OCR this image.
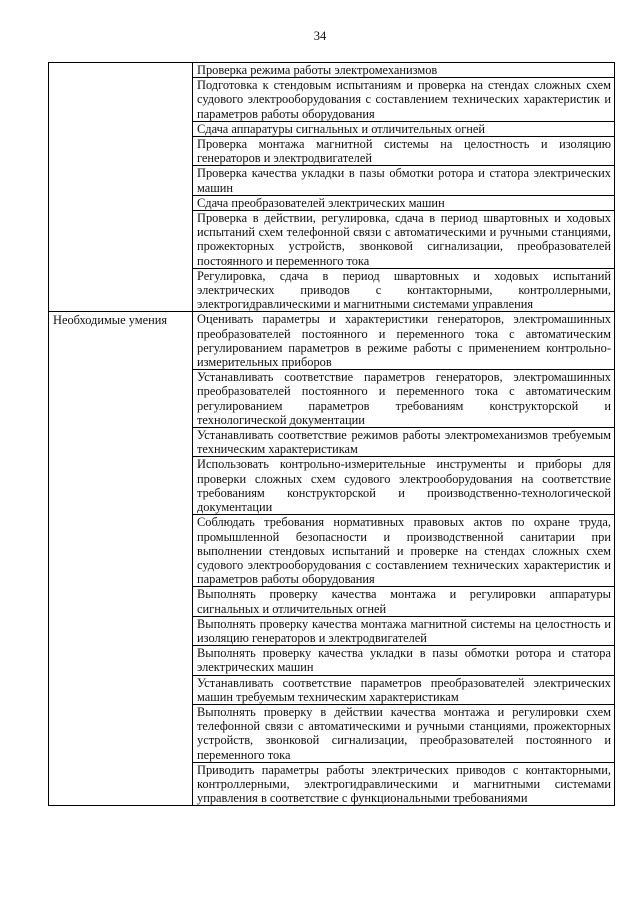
34
	Проверка режима работы электромеханизмов
	Подготовка к стендовым испытаниям и проверка на стендах сложных схем судового электрооборудования с составлением технических характеристик и параметров работы оборудования
	Сдача аппаратуры сигнальных и отличительных огней
	Проверка монтажа магнитной системы на целостность и изоляцию генераторов и электродвигателей
	Проверка качества укладки в пазы обмотки ротора и статора электрических машин
	Сдача преобразователей электрических машин
	Проверка в действии, регулировка, сдача в период швартовных и ходовых испытаний схем телефонной связи с автоматическими и ручными станциями, прожекторных устройств, звонковой сигнализации, преобразователей постоянного и переменного тока
	Регулировка, сдача в период швартовных и ходовых испытаний электрических приводов с контакторными, контроллерными, электрогидравлическими и магнитными системами управления
Необходимые умения	Оценивать параметры и характеристики генераторов, электромашинных преобразователей постоянного и переменного тока с автоматическим регулированием параметров в режиме работы с применением контрольно-измерительных приборов
	Устанавливать соответствие параметров генераторов, электромашинных преобразователей постоянного и переменного тока с автоматическим регулированием параметров требованиям конструкторской и технологической документации
	Устанавливать соответствие режимов работы электромеханизмов требуемым техническим характеристикам
	Использовать контрольно-измерительные инструменты и приборы для проверки сложных схем судового электрооборудования на соответствие требованиям конструкторской и производственно-технологической документации
	Соблюдать требования нормативных правовых актов по охране труда, промышленной безопасности и производственной санитарии при выполнении стендовых испытаний и проверке на стендах сложных схем судового электрооборудования с составлением технических характеристик и параметров работы оборудования
	Выполнять проверку качества монтажа и регулировки аппаратуры сигнальных и отличительных огней
	Выполнять проверку качества монтажа магнитной системы на целостность и изоляцию генераторов и электродвигателей
	Выполнять проверку качества укладки в пазы обмотки ротора и статора электрических машин
	Устанавливать соответствие параметров преобразователей электрических машин требуемым техническим характеристикам
	Выполнять проверку в действии качества монтажа и регулировки схем телефонной связи с автоматическими и ручными станциями, прожекторных устройств, звонковой сигнализации, преобразователей постоянного и переменного тока
	Приводить параметры работы электрических приводов с контакторными, контроллерными, электрогидравлическими и магнитными системами управления в соответствие с функциональными требованиями
